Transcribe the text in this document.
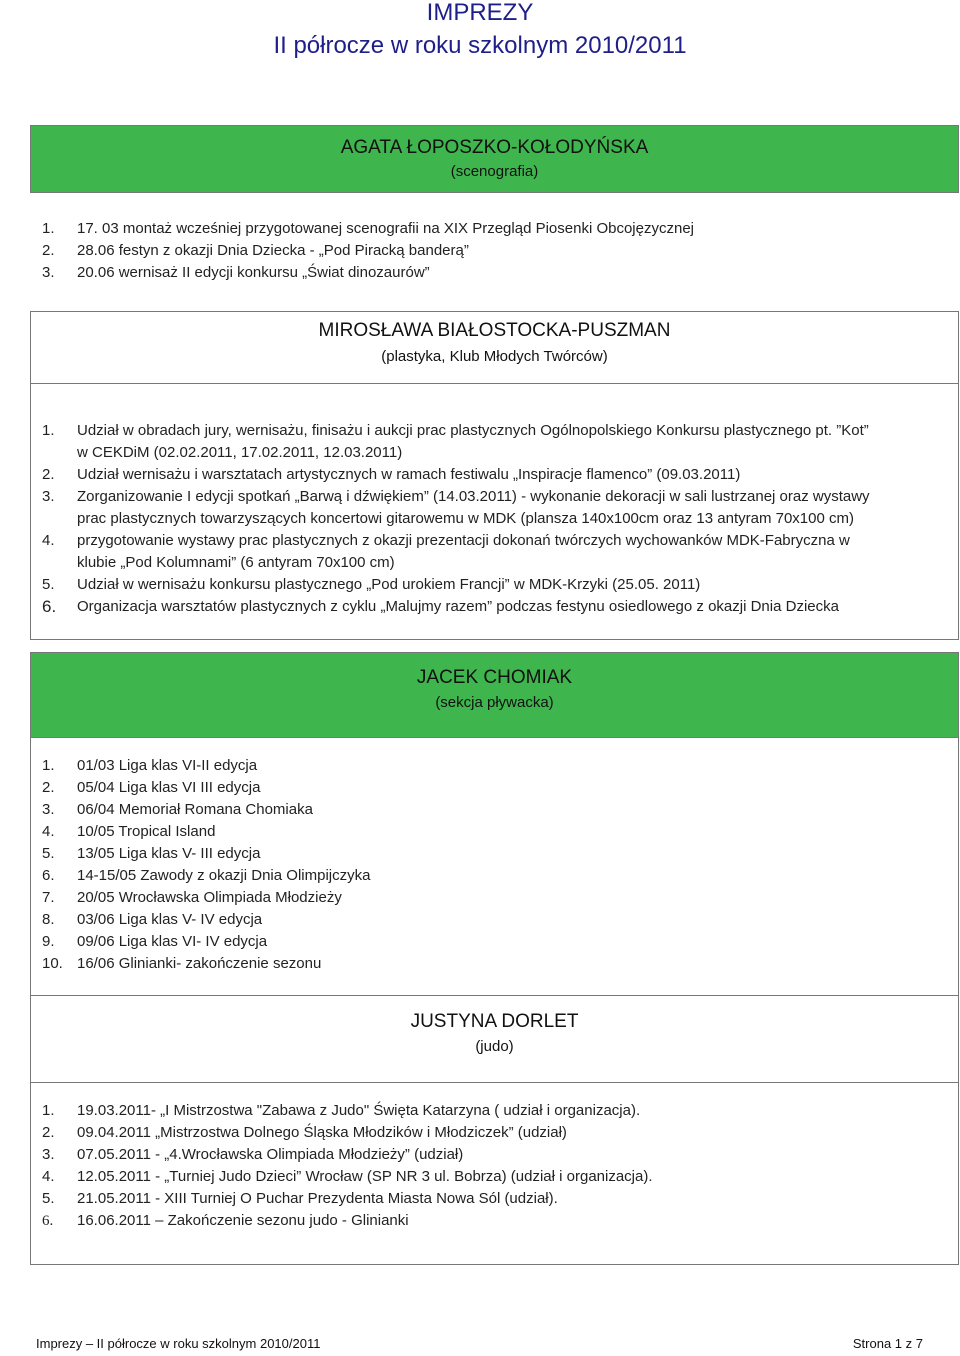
IMPREZY
II półrocze w roku szkolnym 2010/2011
AGATA ŁOPOSZKO-KOŁODYŃSKA
(scenografia)
1. 17. 03 montaż wcześniej przygotowanej scenografii na XIX Przegląd Piosenki Obcojęzycznej
2. 28.06 festyn z okazji Dnia Dziecka - „Pod Piracką banderą”
3. 20.06 wernisaż II edycji konkursu „Świat dinozaurów”
MIROSŁAWA BIAŁOSTOCKA-PUSZMAN
(plastyka, Klub Młodych Twórców)
1. Udział w obradach jury, wernisażu, finisażu i aukcji prac plastycznych Ogólnopolskiego Konkursu plastycznego pt. ”Kot”
w CEKDiM (02.02.2011, 17.02.2011, 12.03.2011)
2. Udział wernisażu i warsztatach artystycznych w ramach festiwalu „Inspiracje flamenco” (09.03.2011)
3. Zorganizowanie I edycji spotkań „Barwą i dźwiękiem” (14.03.2011) - wykonanie dekoracji w sali lustrzanej oraz wystawy
prac plastycznych towarzyszących koncertowi gitarowemu w MDK (plansza 140x100cm oraz 13 antyram 70x100 cm)
4. przygotowanie wystawy prac plastycznych z okazji prezentacji dokonań twórczych wychowanków MDK-Fabryczna w
klubie „Pod Kolumnami” (6 antyram 70x100 cm)
5. Udział w wernisażu konkursu plastycznego „Pod urokiem Francji” w MDK-Krzyki (25.05. 2011)
6. Organizacja warsztatów plastycznych z cyklu „Malujmy razem” podczas festynu osiedlowego z okazji Dnia Dziecka
JACEK CHOMIAK
(sekcja pływacka)
1. 01/03 Liga klas VI-II edycja
2. 05/04 Liga klas VI III edycja
3. 06/04 Memoriał Romana Chomiaka
4. 10/05 Tropical Island
5. 13/05 Liga klas V- III edycja
6. 14-15/05 Zawody z okazji Dnia Olimpijczyka
7. 20/05 Wrocławska Olimpiada Młodzieży
8. 03/06 Liga klas V- IV edycja
9. 09/06 Liga klas VI- IV edycja
10. 16/06 Glinianki- zakończenie sezonu
JUSTYNA DORLET
(judo)
1. 19.03.2011- „I Mistrzostwa "Zabawa z Judo" Święta Katarzyna ( udział i organizacja).
2. 09.04.2011 „Mistrzostwa Dolnego Śląska Młodzików i Młodziczek” (udział)
3. 07.05.2011 - „4.Wrocławska Olimpiada Młodzieży” (udział)
4. 12.05.2011 - „Turniej Judo Dzieci” Wrocław (SP NR 3 ul. Bobrza) (udział i organizacja).
5. 21.05.2011 - XIII Turniej O Puchar Prezydenta Miasta Nowa Sól (udział).
6. 16.06.2011 – Zakończenie sezonu judo - Glinianki
Imprezy – II półrocze w roku szkolnym 2010/2011	Strona 1 z 7
